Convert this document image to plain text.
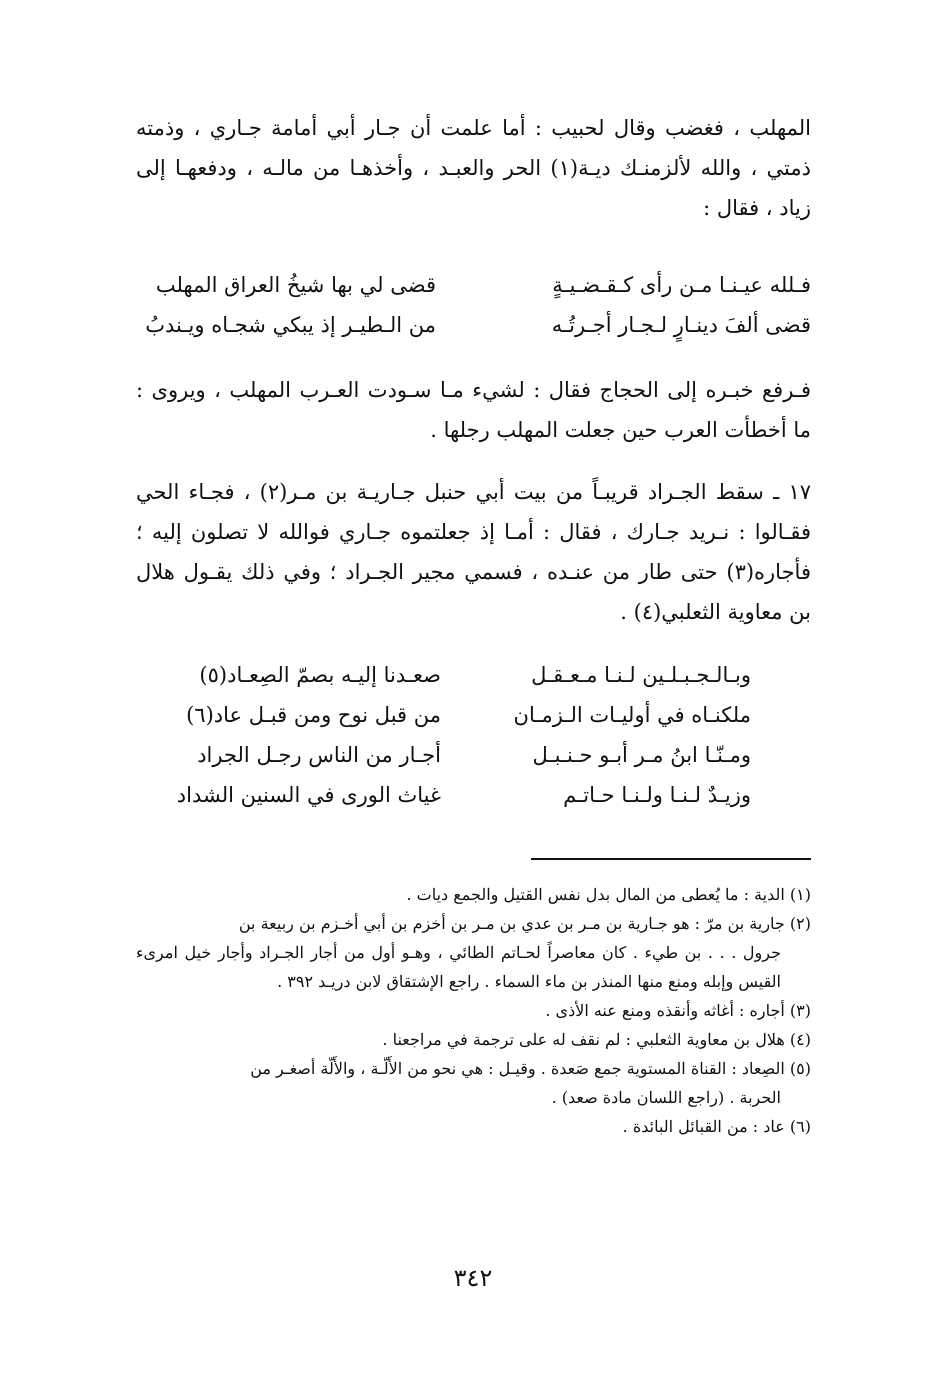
المهلب ، فغضب وقال لحبيب : أما علمت أن جـار أبي أمامة جـاري ، وذمته ذمتي ، والله لألزمنـك ديـة(١) الحر والعبـد ، وأخذهـا من مالـه ، ودفعهـا إلى زياد ، فقال :

فـلله عيـنـا مـن رأى كـقـضـيـةٍ
قضى لي بها شيخُ العراق المهلب
قضى ألفَ دينـارٍ لـجـار أجـرتُـه
من الـطيـر إذ يبكي شجـاه ويـندبُ

فـرفع خبـره إلى الحجاج فقال : لشيء مـا سـودت العـرب المهلب ، ويروى : ما أخطأت العرب حين جعلت المهلب رجلها .

١٧ ـ سقط الجـراد قريبـاً من بيت أبي حنبل جـاريـة بن مـر(٢) ، فجـاء الحي فقـالوا : نـريد جـارك ، فقال : أمـا إذ جعلتموه جـاري فوالله لا تصلون إليه ؛ فأجاره(٣) حتى طار من عنـده ، فسمي مجير الجـراد ؛ وفي ذلك يقـول هلال بن معاوية الثعلبي(٤) .

وبـالـجـبـلـين لـنـا مـعـقـل
صعـدنا إليـه بصمّ الصِعـاد(٥)
ملكنـاه في أوليـات الـزمـان
من قبل نوح ومن قبـل عاد(٦)
ومـنّـا ابنُ مـر أبـو حـنـبـل
أجـار من الناس رجـل الجراد
وزيـدٌ لـنـا ولـنـا حـاتـم
غياث الورى في السنين الشداد

(١) الدية : ما يُعطى من المال بدل نفس القتيل والجمع ديات .

(٢) جارية بن مرّ : هو جـارية بن مـر بن عدي بن مـر بن أخزم بن أبي أخـزم بن ربيعة بن
جرول . . . بن طيء . كان معاصراً لحـاتم الطائي ، وهـو أول من أجار الجـراد وأجار خيل امرىء القيس وإبله ومنع منها المنذر بن ماء السماء . راجع الإشتقاق لابن دريـد ٣٩٢ .

(٣) أجاره : أغاثه وأنقذه ومنع عنه الأذى .

(٤) هلال بن معاوية الثعلبي : لم نقف له على ترجمة في مراجعنا .

(٥) الصِعاد : القناة المستوية جمع صَعدة . وقيـل : هي نحو من الأَلّـة ، والأَلّة أصغـر من
الحربة . (راجع اللسان مادة صعد) .

(٦) عاد : من القبائل البائدة .

٣٤٢
